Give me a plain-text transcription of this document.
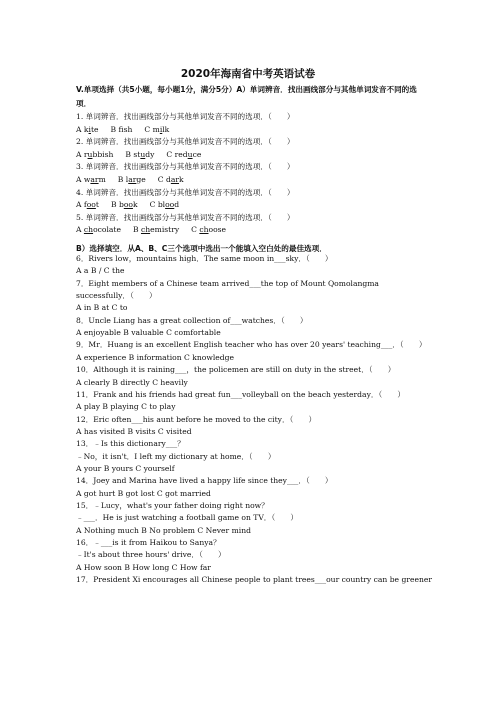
2020年海南省中考英语试卷
V.单项选择（共5小题，每小题1分，满分5分）A）单词辨音．找出画线部分与其他单词发音不同的选项．
1. 单词辨音．找出画线部分与其他单词发音不同的选项．（　　）
A kite B fsh C milk
2. 单词辨音．找出画线部分与其他单词发音不同的选项．（　　）
A rubbish B study C reduce
3. 单词辨音．找出画线部分与其他单词发音不同的选项．（　　）
A warm B large C dark
4. 单词辨音．找出画线部分与其他单词发音不同的选项．（　　）
A foot B book C blood
5. 单词辨音．找出画线部分与其他单词发音不同的选项．（　　）
A chocolate B chemistry C choose
B）选择填空．从A、B、C三个选项中选出一个能填入空白处的最佳选项．
6．Rivers low，mountains high．The same moon in___sky．（　　）
A a B / C the
7．Eight members of a Chinese team arrived___the top of Mount Qomolangma
successfully．（　　）
A in B at C to
8．Uncle Liang has a great collection of___watches．（　　）
A enjoyable B valuable C comfortable
9．Mr．Huang is an excellent English teacher who has over 20 years' teaching___．（　　）
A experience B information C knowledge
10．Although it is raining___，the policemen are still on duty in the street．（　　）
A clearly B directly C heavily
11．Frank and his friends had great fun___volleyball on the beach yesterday．（　　）
A play B playing C to play
12．Eric often___his aunt before he moved to the city．（　　）
A has visited B visits C visited
13．﹣Is this dictionary___？
﹣No，it isn't．I left my dictionary at home．（　　）
A your B yours C yourself
14．Joey and Marina have lived a happy life since they___．（　　）
A got hurt B got lost C got married
15．﹣Lucy，what's your father doing right now？
﹣___．He is just watching a football game on TV．（　　）
A Nothing much B No problem C Never mind
16．﹣___is it from Haikou to Sanya？
﹣It's about three hours' drive．（　　）
A How soon B How long C How far
17．President Xi encourages all Chinese people to plant trees___our country can be greener
